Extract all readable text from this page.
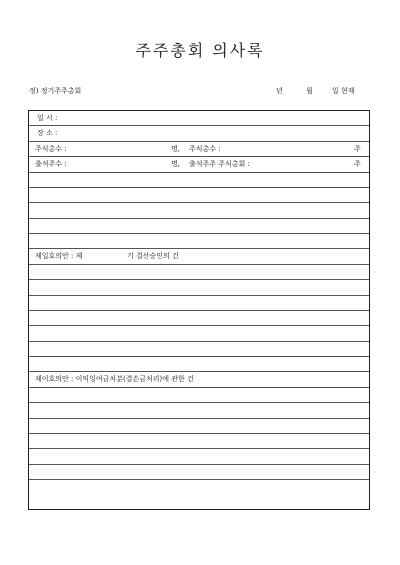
주주총회 의사록
정) 정기주주총회	년	월	일 현재
일 시 :
장 소 :
주식총수 :	명, 주식총수 :	주
출석주수 :	명, 출석주주 주식총회 :	주
제일호의안 : 제	기 결산승인의 건
제이호의안 : 이익잉여금처분(결손금처리)에 관한 건
